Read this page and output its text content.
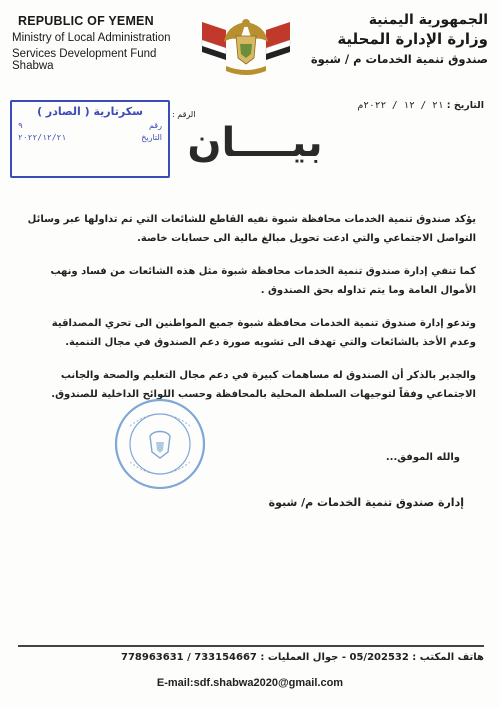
REPUBLIC OF YEMEN
Ministry of Local Administration
Services Development Fund Shabwa
الجمهورية اليمنية
وزارة الإدارة المحلية
صندوق تنمية الخدمات م / شبوة
سكرتارية ( الصادر )
رقم
٩
التاريخ
٢٠٢٢/١٢/٢١
الرقم :
التاريخ : ٢١ / ١٢ / ٢٠٢٢م
بيــــان

يؤكد صندوق تنمية الخدمات محافظة شبوة نفيه القاطع للشائعات التي تم تداولها عبر وسائل التواصل الاجتماعي والتي ادعت تحويل مبالغ مالية الى حسابات خاصة.

كما تنفي إدارة صندوق تنمية الخدمات محافظة شبوة مثل هذه الشائعات من فساد ونهب الأموال العامة وما يتم تداوله بحق الصندوق .

وتدعو إدارة صندوق تنمية الخدمات محافظة شبوة جميع المواطنين الى تحري المصداقية وعدم الأخذ بالشائعات والتي تهدف الى تشويه صورة دعم الصندوق في مجال التنمية.

والجدير بالذكر أن الصندوق له مساهمات كبيرة في دعم مجال التعليم والصحة والجانب الاجتماعي وفقاً لتوجيهات السلطة المحلية بالمحافظة وحسب اللوائح الداخلية للصندوق.

والله الموفق...
إدارة صندوق تنمية الخدمات م/ شبوة
هاتف المكتب : 05/202532 - جوال العمليات : 733154667 / 778963631
E-mail:sdf.shabwa2020@gmail.com
